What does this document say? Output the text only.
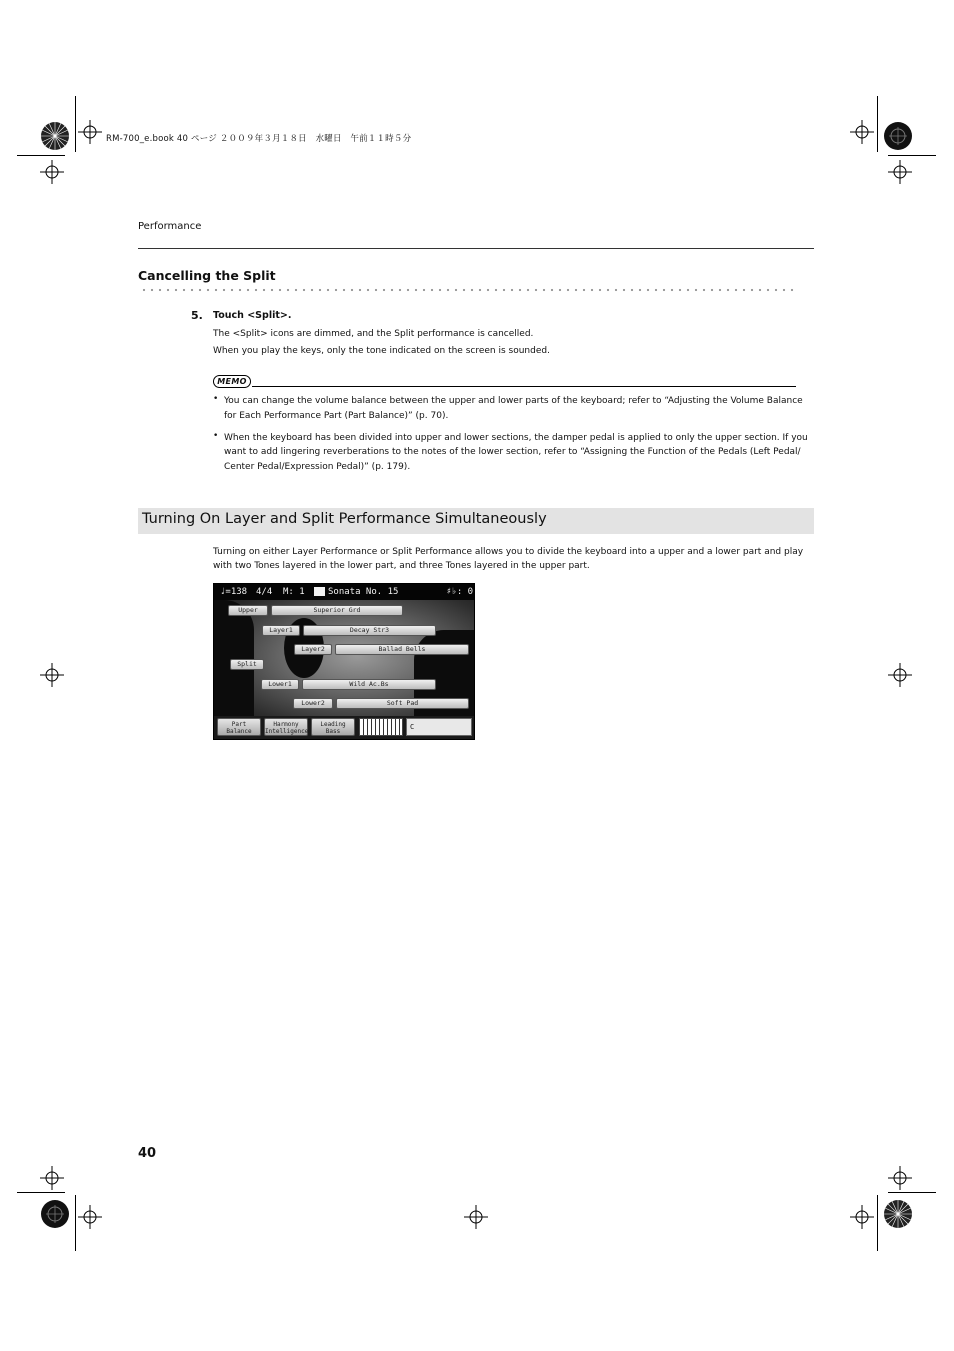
RM-700_e.book 40 ページ ２００９年３月１８日　水曜日　午前１１時５分
Performance
Cancelling the Split
5. Touch <Split>.
The <Split> icons are dimmed, and the Split performance is cancelled.
When you play the keys, only the tone indicated on the screen is sounded.
MEMO
• You can change the volume balance between the upper and lower parts of the keyboard; refer to “Adjusting the Volume Balance
for Each Performance Part (Part Balance)” (p. 70).
• When the keyboard has been divided into upper and lower sections, the damper pedal is applied to only the upper section. If you
want to add lingering reverberations to the notes of the lower section, refer to “Assigning the Function of the Pedals (Left Pedal/
Center Pedal/Expression Pedal)” (p. 179).
Turning On Layer and Split Performance Simultaneously
Turning on either Layer Performance or Split Performance allows you to divide the keyboard into a upper and a lower part and play
with two Tones layered in the lower part, and three Tones layered in the upper part.
♩=138 4/4 M: 1	Sonata No. 15	♯♭: 0
Upper	Superior Grd
Layer1	Decay Str3
Layer2	Ballad Bells
Split
Lower1	Wild Ac.Bs
Lower2	Soft Pad
Part
Balance
Harmony
Intelligence
Leading
Bass
C
40
